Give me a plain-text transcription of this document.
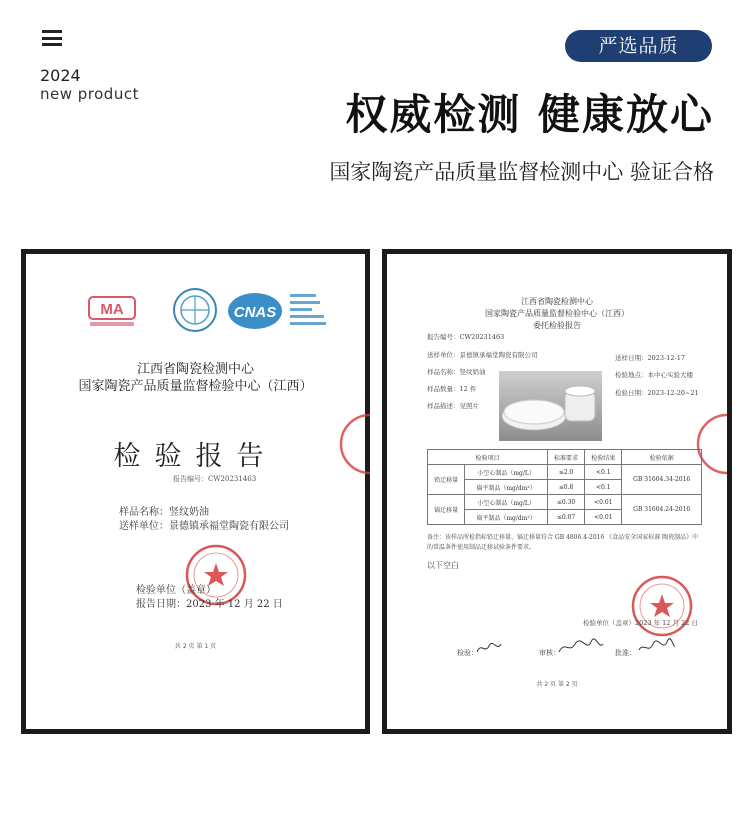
2024
new product
严选品质
权威检测 健康放心
国家陶瓷产品质量监督检测中心 验证合格
MA	CNAS
江西省陶瓷检测中心
国家陶瓷产品质量监督检验中心（江西）
检验报告
报告编号：CW20231463
样品名称：竖纹奶油
送样单位：景德镇承福堂陶瓷有限公司
检验单位（盖章）
报告日期：2023 年 12 月 22 日
共 2 页 第 1 页
江西省陶瓷检测中心
国家陶瓷产品质量监督检验中心（江西）
委托检验报告
报告编号：CW20231463
送样单位：景德镇承福堂陶瓷有限公司
样品名称：竖纹奶油
样品数量：12 件
样品描述：见照片
送样日期：2023-12-17
检验地点：本中心实验大楼
检验日期：2023-12-20~21
检验项目		标准要求	检验结果	检验依据
铅迁移量	小空心制品（mg/L）	≤2.0	<0.1	GB 31604.34-2016
	扁平制品（mg/dm²）	≤0.8	<0.1	
镉迁移量	小空心制品（mg/L）	≤0.30	<0.01	GB 31604.24-2016
	扁平制品（mg/dm²）	≤0.07	<0.01	
备注：该样品所检指标铅迁移量、镉迁移量符合 GB 4806.4-2016 《食品安全国家标准 陶瓷制品》中的常温条件使用制品迁移试验条件要求。
以下空白
检验单位（盖章）2023 年 12 月 22 日
检验：	审核：	批准：
共 2 页 第 2 页
